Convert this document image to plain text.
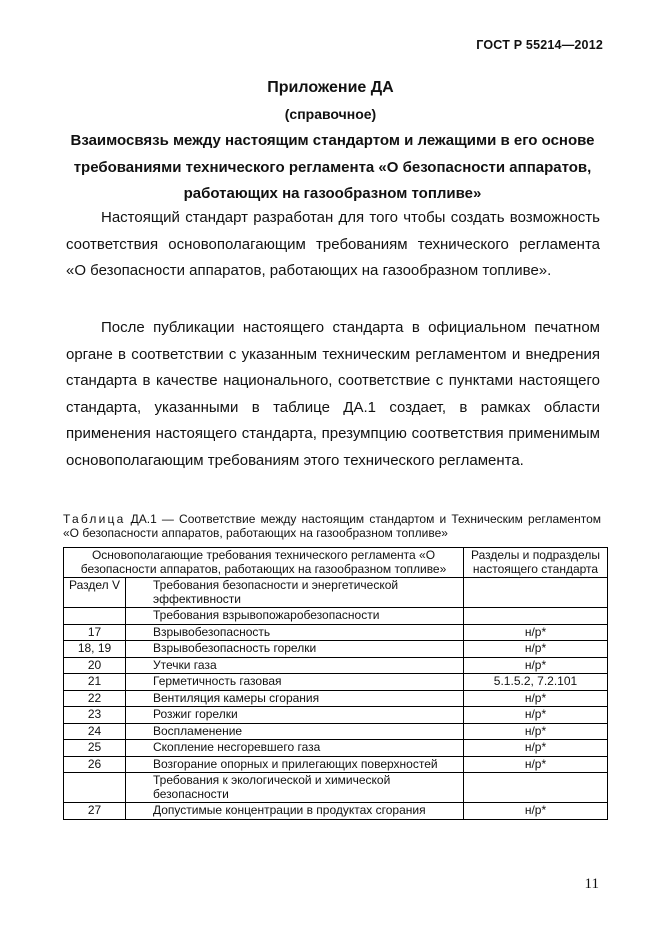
ГОСТ Р 55214—2012
Приложение ДА
(справочное)
Взаимосвязь между настоящим стандартом и лежащими в его основе требованиями технического регламента «О безопасности аппаратов, работающих на газообразном топливе»
Настоящий стандарт разработан для того чтобы создать возможность соответствия основополагающим требованиям технического регламента «О безопасности аппаратов, работающих на газообразном топливе».
После публикации настоящего стандарта в официальном печатном органе в соответствии с указанным техническим регламентом и внедрения стандарта в качестве национального, соответствие с пунктами настоящего стандарта, указанными в таблице ДА.1 создает, в рамках области применения настоящего стандарта, презумпцию соответствия применимым основополагающим требованиям этого технического регламента.
Таблица ДА.1 — Соответствие между настоящим стандартом и Техническим регламентом «О безопасности аппаратов, работающих на газообразном топливе»
Основополагающие требования технического регламента «О безопасности аппаратов, работающих на газообразном топливе»		Разделы и подразделы настоящего стандарта
Раздел V	Требования безопасности и энергетической эффективности	

	Требования взрывопожаробезопасности	

17	Взрывобезопасность	н/р*
18, 19	Взрывобезопасность горелки	н/р*
20	Утечки газа	н/р*
21	Герметичность газовая	5.1.5.2, 7.2.101
22	Вентиляция камеры сгорания	н/р*
23	Розжиг горелки	н/р*
24	Воспламенение	н/р*
25	Скопление несгоревшего газа	н/р*
26	Возгорание опорных и прилегающих поверхностей	н/р*

	Требования к экологической и химической безопасности	

27	Допустимые концентрации в продуктах сгорания	н/р*
11
